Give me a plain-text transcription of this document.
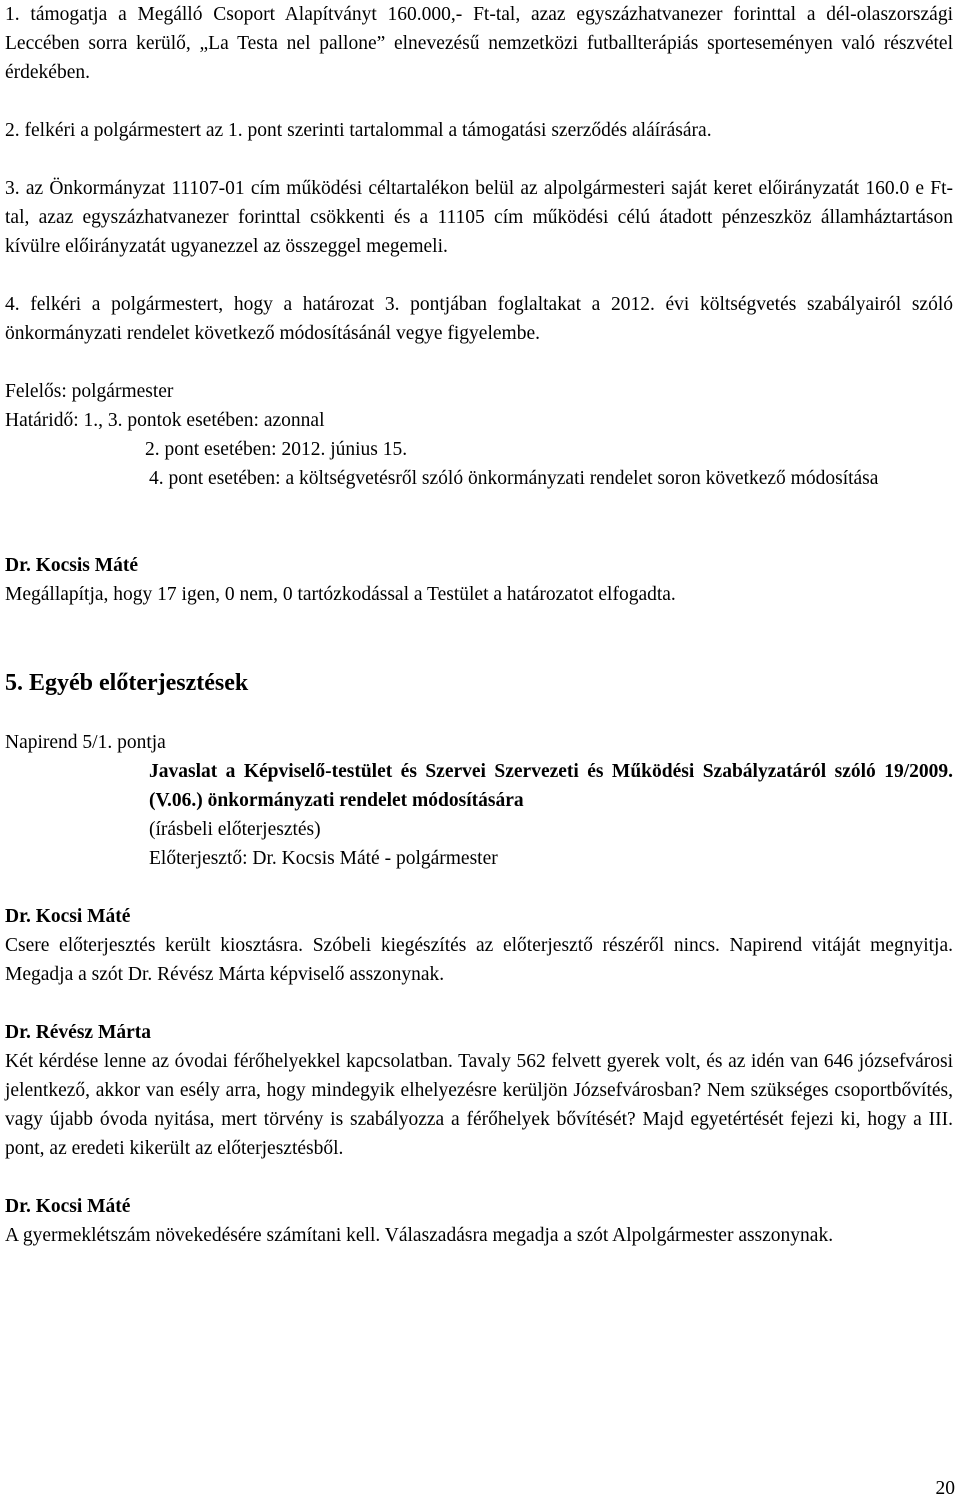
1. támogatja a Megálló Csoport Alapítványt 160.000,- Ft-tal, azaz egyszázhatvanezer forinttal a dél-olaszországi Leccében sorra kerülő, „La Testa nel pallone” elnevezésű nemzetközi futballterápiás sporteseményen való részvétel érdekében.

2. felkéri a polgármestert az 1. pont szerinti tartalommal a támogatási szerződés aláírására.

3. az Önkormányzat 11107-01 cím működési céltartalékon belül az alpolgármesteri saját keret előirányzatát 160.0 e Ft-tal, azaz egyszázhatvanezer forinttal csökkenti és a 11105 cím működési célú átadott pénzeszköz államháztartáson kívülre előirányzatát ugyanezzel az összeggel megemeli.

4. felkéri a polgármestert, hogy a határozat 3. pontjában foglaltakat a 2012. évi költségvetés szabályairól szóló önkormányzati rendelet következő módosításánál vegye figyelembe.

Felelős: polgármester

Határidő: 1., 3. pontok esetében: azonnal

2. pont esetében: 2012. június 15.

4. pont esetében: a költségvetésről szóló önkormányzati rendelet soron következő módosítása

Dr. Kocsis Máté

Megállapítja, hogy 17 igen, 0 nem, 0 tartózkodással a Testület a határozatot elfogadta.

5. Egyéb előterjesztések

Napirend 5/1. pontja

Javaslat a Képviselő-testület és Szervei Szervezeti és Működési Szabályzatáról szóló 19/2009. (V.06.) önkormányzati rendelet módosítására

(írásbeli előterjesztés)

Előterjesztő: Dr. Kocsis Máté - polgármester

Dr. Kocsi Máté

Csere előterjesztés került kiosztásra. Szóbeli kiegészítés az előterjesztő részéről nincs. Napirend vitáját megnyitja. Megadja a szót Dr. Révész Márta képviselő asszonynak.

Dr. Révész Márta

Két kérdése lenne az óvodai férőhelyekkel kapcsolatban. Tavaly 562 felvett gyerek volt, és az idén van 646 józsefvárosi jelentkező, akkor van esély arra, hogy mindegyik elhelyezésre kerüljön Józsefvárosban? Nem szükséges csoportbővítés, vagy újabb óvoda nyitása, mert törvény is szabályozza a férőhelyek bővítését? Majd egyetértését fejezi ki, hogy a III. pont, az eredeti kikerült az előterjesztésből.

Dr. Kocsi Máté

A gyermeklétszám növekedésére számítani kell. Válaszadásra megadja a szót Alpolgármester asszonynak.

20
